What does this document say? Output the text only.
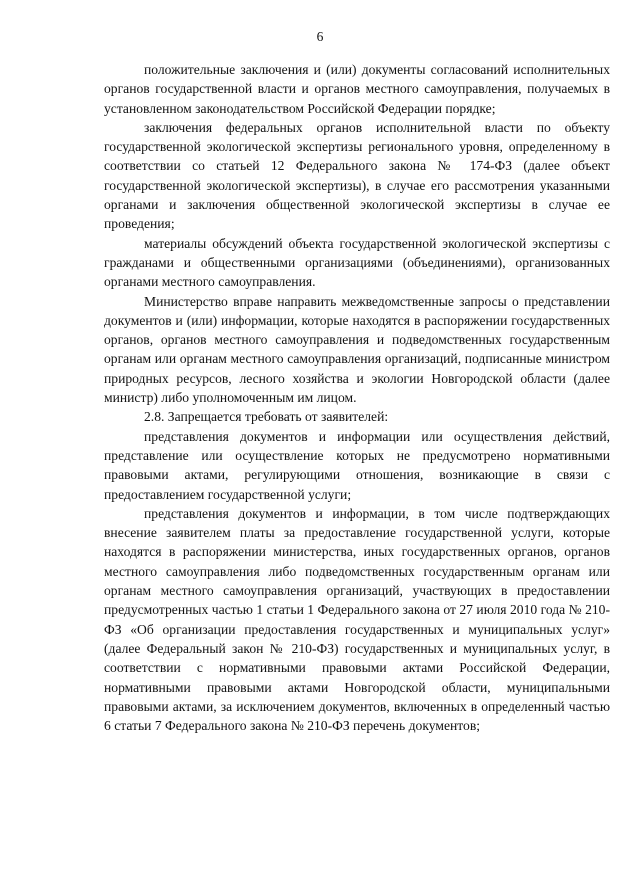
6

положительные заключения и (или) документы согласований исполнительных органов государственной власти и органов местного самоуправления, получаемых в установленном законодательством Российской Федерации порядке;

заключения федеральных органов исполнительной власти по объекту государственной экологической экспертизы регионального уровня, определенному в соответствии со статьей 12 Федерального закона № 174-ФЗ (далее объект государственной экологической экспертизы), в случае его рассмотрения указанными органами и заключения общественной экологической экспертизы в случае ее проведения;

материалы обсуждений объекта государственной экологической экспертизы с гражданами и общественными организациями (объединениями), организованных органами местного самоуправления.

Министерство вправе направить межведомственные запросы о представлении документов и (или) информации, которые находятся в распоряжении государственных органов, органов местного самоуправления и подведомственных государственным органам или органам местного самоуправления организаций, подписанные министром природных ресурсов, лесного хозяйства и экологии Новгородской области (далее министр) либо уполномоченным им лицом.

2.8. Запрещается требовать от заявителей:

представления документов и информации или осуществления действий, представление или осуществление которых не предусмотрено нормативными правовыми актами, регулирующими отношения, возникающие в связи с предоставлением государственной услуги;

представления документов и информации, в том числе подтверждающих внесение заявителем платы за предоставление государственной услуги, которые находятся в распоряжении министерства, иных государственных органов, органов местного самоуправления либо подведомственных государственным органам или органам местного самоуправления организаций, участвующих в предоставлении предусмотренных частью 1 статьи 1 Федерального закона от 27 июля 2010 года № 210-ФЗ «Об организации предоставления государственных и муниципальных услуг» (далее Федеральный закон № 210-ФЗ) государственных и муниципальных услуг, в соответствии с нормативными правовыми актами Российской Федерации, нормативными правовыми актами Новгородской области, муниципальными правовыми актами, за исключением документов, включенных в определенный частью 6 статьи 7 Федерального закона № 210-ФЗ перечень документов;
